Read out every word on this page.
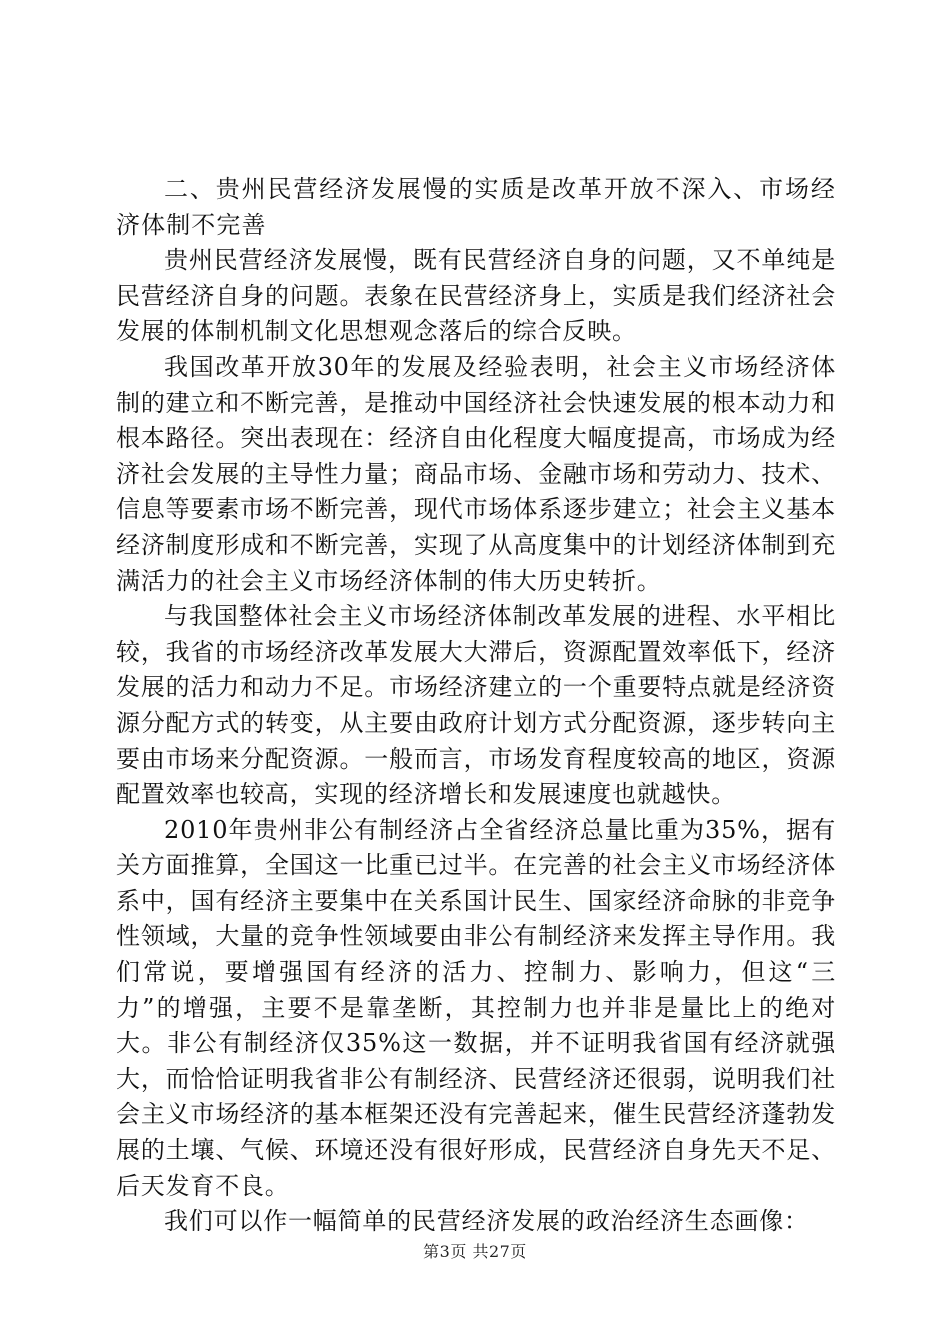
二、贵州民营经济发展慢的实质是改革开放不深入、市场经济体制不完善

贵州民营经济发展慢，既有民营经济自身的问题，又不单纯是民营经济自身的问题。表象在民营经济身上，实质是我们经济社会发展的体制机制文化思想观念落后的综合反映。

我国改革开放30年的发展及经验表明，社会主义市场经济体制的建立和不断完善，是推动中国经济社会快速发展的根本动力和根本路径。突出表现在：经济自由化程度大幅度提高，市场成为经济社会发展的主导性力量；商品市场、金融市场和劳动力、技术、信息等要素市场不断完善，现代市场体系逐步建立；社会主义基本经济制度形成和不断完善，实现了从高度集中的计划经济体制到充满活力的社会主义市场经济体制的伟大历史转折。

与我国整体社会主义市场经济体制改革发展的进程、水平相比较，我省的市场经济改革发展大大滞后，资源配置效率低下，经济发展的活力和动力不足。市场经济建立的一个重要特点就是经济资源分配方式的转变，从主要由政府计划方式分配资源，逐步转向主要由市场来分配资源。一般而言，市场发育程度较高的地区，资源配置效率也较高，实现的经济增长和发展速度也就越快。

2010年贵州非公有制经济占全省经济总量比重为35%，据有关方面推算，全国这一比重已过半。在完善的社会主义市场经济体系中，国有经济主要集中在关系国计民生、国家经济命脉的非竞争性领域，大量的竞争性领域要由非公有制经济来发挥主导作用。我们常说，要增强国有经济的活力、控制力、影响力，但这“三力”的增强，主要不是靠垄断，其控制力也并非是量比上的绝对大。非公有制经济仅35%这一数据，并不证明我省国有经济就强大，而恰恰证明我省非公有制经济、民营经济还很弱，说明我们社会主义市场经济的基本框架还没有完善起来，催生民营经济蓬勃发展的土壤、气候、环境还没有很好形成，民营经济自身先天不足、后天发育不良。

我们可以作一幅简单的民营经济发展的政治经济生态画像：

第3页 共27页
